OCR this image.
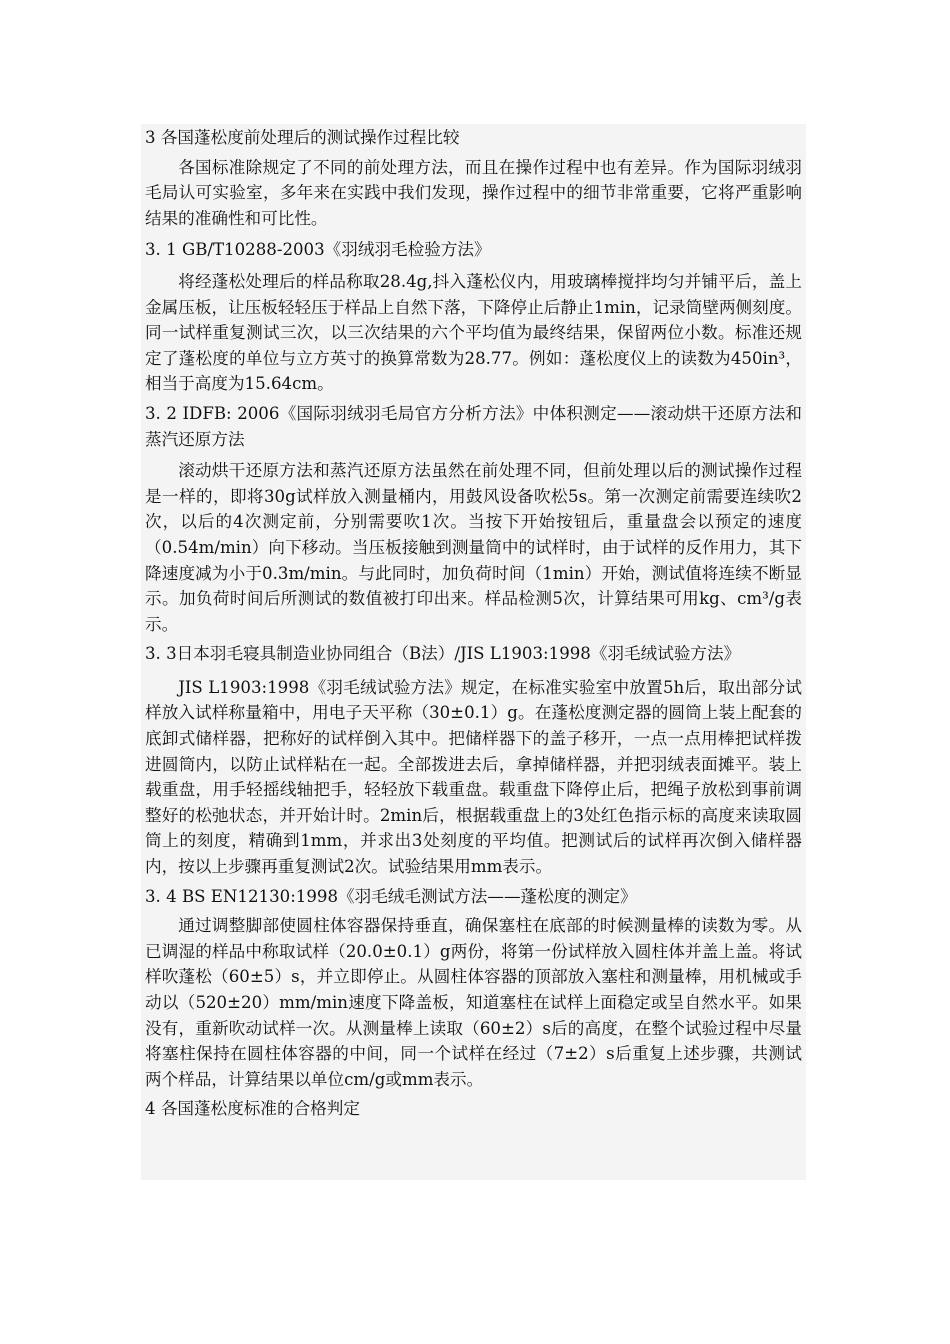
3 各国蓬松度前处理后的测试操作过程比较

各国标准除规定了不同的前处理方法，而且在操作过程中也有差异。作为国际羽绒羽毛局认可实验室，多年来在实践中我们发现，操作过程中的细节非常重要，它将严重影响结果的准确性和可比性。

3. 1 GB/T10288-2003《羽绒羽毛检验方法》

将经蓬松处理后的样品称取28.4g,抖入蓬松仪内，用玻璃棒搅拌均匀并铺平后，盖上金属压板，让压板轻轻压于样品上自然下落，下降停止后静止1min，记录筒壁两侧刻度。同一试样重复测试三次，以三次结果的六个平均值为最终结果，保留两位小数。标准还规定了蓬松度的单位与立方英寸的换算常数为28.77。例如：蓬松度仪上的读数为450in³，相当于高度为15.64cm。

3. 2 IDFB: 2006《国际羽绒羽毛局官方分析方法》中体积测定——滚动烘干还原方法和蒸汽还原方法

滚动烘干还原方法和蒸汽还原方法虽然在前处理不同，但前处理以后的测试操作过程是一样的，即将30g试样放入测量桶内，用鼓风设备吹松5s。第一次测定前需要连续吹2次，以后的4次测定前，分别需要吹1次。当按下开始按钮后，重量盘会以预定的速度（0.54m/min）向下移动。当压板接触到测量筒中的试样时，由于试样的反作用力，其下降速度减为小于0.3m/min。与此同时，加负荷时间（1min）开始，测试值将连续不断显示。加负荷时间后所测试的数值被打印出来。样品检测5次，计算结果可用kg、cm³/g表示。

3. 3日本羽毛寝具制造业协同组合（B法）/JIS L1903:1998《羽毛绒试验方法》

JIS L1903:1998《羽毛绒试验方法》规定，在标准实验室中放置5h后，取出部分试样放入试样称量箱中，用电子天平称（30±0.1）g。在蓬松度测定器的圆筒上装上配套的底卸式储样器，把称好的试样倒入其中。把储样器下的盖子移开，一点一点用棒把试样拨进圆筒内，以防止试样粘在一起。全部拨进去后，拿掉储样器，并把羽绒表面摊平。装上载重盘，用手轻摇线轴把手，轻轻放下载重盘。载重盘下降停止后，把绳子放松到事前调整好的松弛状态，并开始计时。2min后，根据载重盘上的3处红色指示标的高度来读取圆筒上的刻度，精确到1mm，并求出3处刻度的平均值。把测试后的试样再次倒入储样器内，按以上步骤再重复测试2次。试验结果用mm表示。

3. 4 BS EN12130:1998《羽毛绒毛测试方法——蓬松度的测定》

通过调整脚部使圆柱体容器保持垂直，确保塞柱在底部的时候测量棒的读数为零。从已调湿的样品中称取试样（20.0±0.1）g两份，将第一份试样放入圆柱体并盖上盖。将试样吹蓬松（60±5）s，并立即停止。从圆柱体容器的顶部放入塞柱和测量棒，用机械或手动以（520±20）mm/min速度下降盖板，知道塞柱在试样上面稳定或呈自然水平。如果没有，重新吹动试样一次。从测量棒上读取（60±2）s后的高度，在整个试验过程中尽量将塞柱保持在圆柱体容器的中间，同一个试样在经过（7±2）s后重复上述步骤，共测试两个样品，计算结果以单位cm/g或mm表示。

4 各国蓬松度标准的合格判定
